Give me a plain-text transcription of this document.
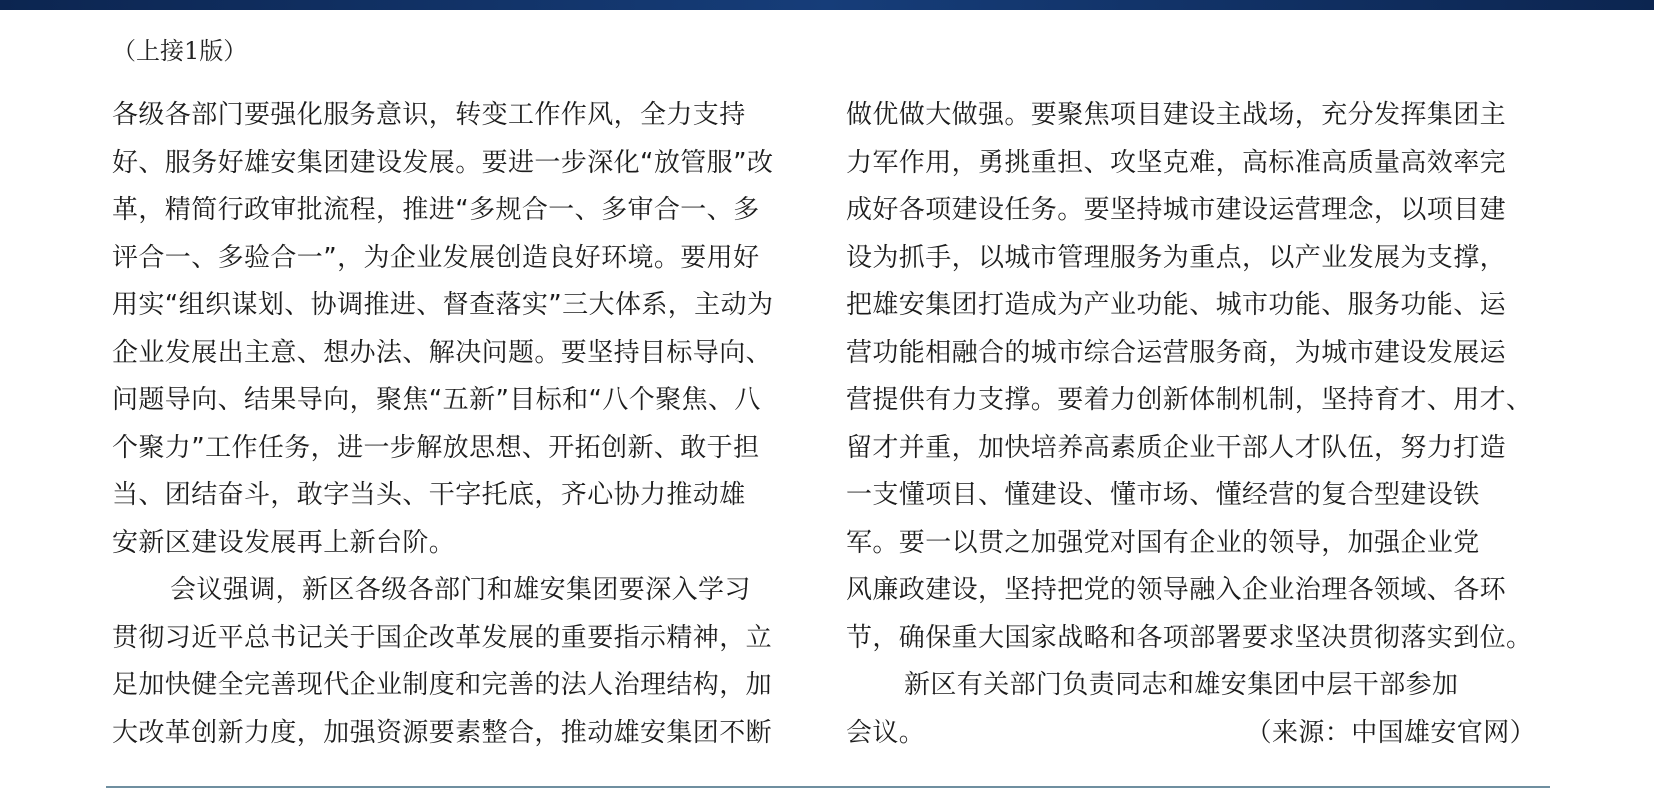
（上接1版）
各级各部门要强化服务意识，转变工作作风，全力支持
好、服务好雄安集团建设发展。要进一步深化“放管服”改
革，精简行政审批流程，推进“多规合一、多审合一、多
评合一、多验合一”，为企业发展创造良好环境。要用好
用实“组织谋划、协调推进、督查落实”三大体系，主动为
企业发展出主意、想办法、解决问题。要坚持目标导向、
问题导向、结果导向，聚焦“五新”目标和“八个聚焦、八
个聚力”工作任务，进一步解放思想、开拓创新、敢于担
当、团结奋斗，敢字当头、干字托底，齐心协力推动雄
安新区建设发展再上新台阶。
会议强调，新区各级各部门和雄安集团要深入学习
贯彻习近平总书记关于国企改革发展的重要指示精神，立
足加快健全完善现代企业制度和完善的法人治理结构，加
大改革创新力度，加强资源要素整合，推动雄安集团不断
做优做大做强。要聚焦项目建设主战场，充分发挥集团主
力军作用，勇挑重担、攻坚克难，高标准高质量高效率完
成好各项建设任务。要坚持城市建设运营理念，以项目建
设为抓手，以城市管理服务为重点，以产业发展为支撑，
把雄安集团打造成为产业功能、城市功能、服务功能、运
营功能相融合的城市综合运营服务商，为城市建设发展运
营提供有力支撑。要着力创新体制机制，坚持育才、用才、
留才并重，加快培养高素质企业干部人才队伍，努力打造
一支懂项目、懂建设、懂市场、懂经营的复合型建设铁
军。要一以贯之加强党对国有企业的领导，加强企业党
风廉政建设，坚持把党的领导融入企业治理各领域、各环
节，确保重大国家战略和各项部署要求坚决贯彻落实到位。
新区有关部门负责同志和雄安集团中层干部参加
会议。	（来源：中国雄安官网）
